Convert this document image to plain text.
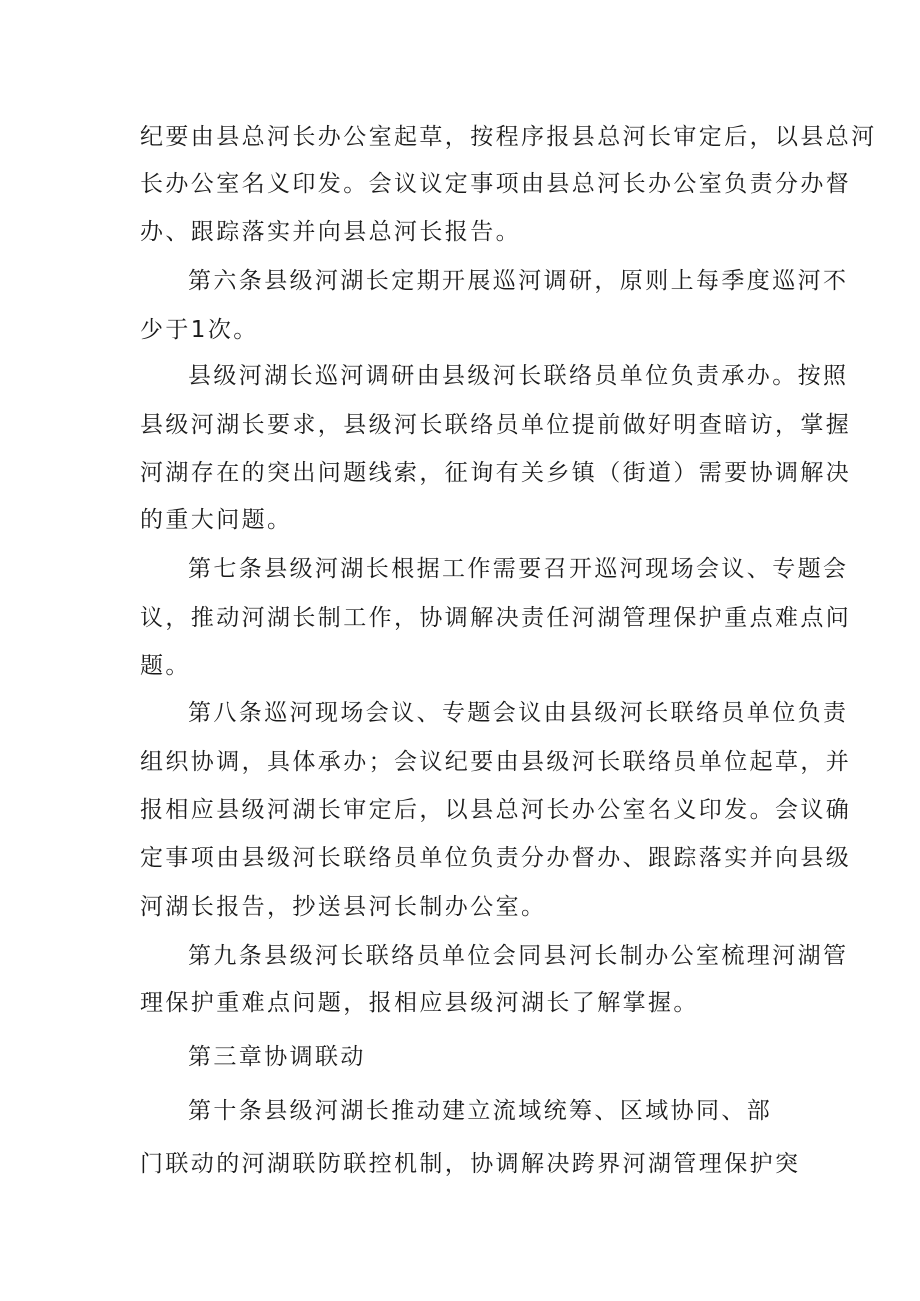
纪要由县总河长办公室起草，按程序报县总河长审定后，以县总河
长办公室名义印发。会议议定事项由县总河长办公室负责分办督
办、跟踪落实并向县总河长报告。
第六条县级河湖长定期开展巡河调研，原则上每季度巡河不
少于1次。
县级河湖长巡河调研由县级河长联络员单位负责承办。按照
县级河湖长要求，县级河长联络员单位提前做好明查暗访，掌握
河湖存在的突出问题线索，征询有关乡镇（街道）需要协调解决
的重大问题。
第七条县级河湖长根据工作需要召开巡河现场会议、专题会
议，推动河湖长制工作，协调解决责任河湖管理保护重点难点问
题。
第八条巡河现场会议、专题会议由县级河长联络员单位负责
组织协调，具体承办；会议纪要由县级河长联络员单位起草，并
报相应县级河湖长审定后，以县总河长办公室名义印发。会议确
定事项由县级河长联络员单位负责分办督办、跟踪落实并向县级
河湖长报告，抄送县河长制办公室。
第九条县级河长联络员单位会同县河长制办公室梳理河湖管
理保护重难点问题，报相应县级河湖长了解掌握。
第三章协调联动
第十条县级河湖长推动建立流域统筹、区域协同、部
门联动的河湖联防联控机制，协调解决跨界河湖管理保护突
